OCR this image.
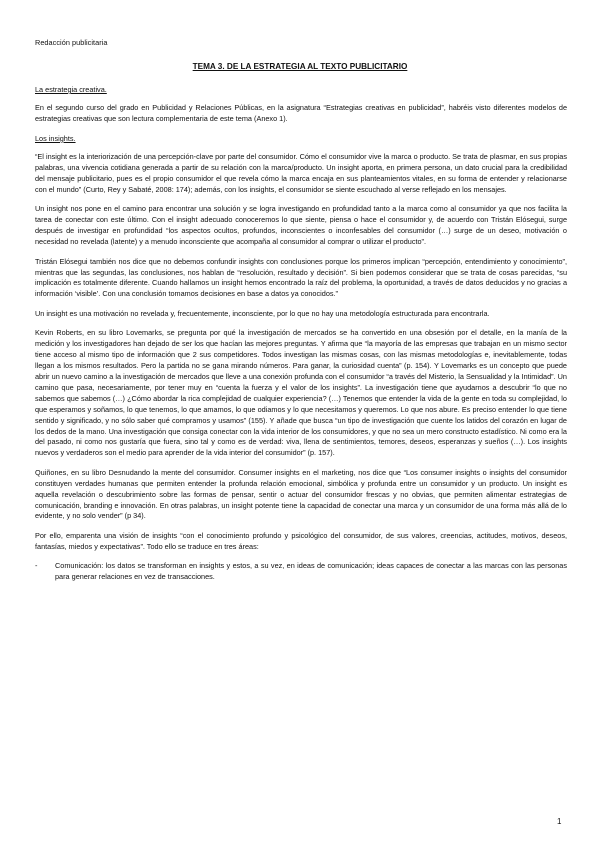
Redacción publicitaria
TEMA 3. DE LA ESTRATEGIA AL TEXTO PUBLICITARIO

La estrategia creativa.

En el segundo curso del grado en Publicidad y Relaciones Públicas, en la asignatura “Estrategias creativas en publicidad”, habréis visto diferentes modelos de estrategias creativas que son lectura complementaria de este tema (Anexo 1).

Los insights.

“El insight es la interiorización de una percepción-clave por parte del consumidor. Cómo el consumidor vive la marca o producto. Se trata de plasmar, en sus propias palabras, una vivencia cotidiana generada a partir de su relación con la marca/producto. Un insight aporta, en primera persona, un dato crucial para la credibilidad del mensaje publicitario, pues es el propio consumidor el que revela cómo la marca encaja en sus planteamientos vitales, en su forma de entender y relacionarse con el mundo” (Curto, Rey y Sabaté, 2008: 174); además, con los insights, el consumidor se siente escuchado al verse reflejado en los mensajes.

Un insight nos pone en el camino para encontrar una solución y se logra investigando en profundidad tanto a la marca como al consumidor ya que nos facilita la tarea de conectar con este último. Con el insight adecuado conoceremos lo que siente, piensa o hace el consumidor y, de acuerdo con Tristán Elósegui, surge después de investigar en profundidad “los aspectos ocultos, profundos, inconscientes o inconfesables del consumidor (…) surge de un deseo, motivación o necesidad no revelada (latente) y a menudo inconsciente que acompaña al consumidor al comprar o utilizar el producto”.

Tristán Elósegui también nos dice que no debemos confundir insights con conclusiones porque los primeros implican “percepción, entendimiento y conocimiento”, mientras que las segundas, las conclusiones, nos hablan de “resolución, resultado y decisión”. Si bien podemos considerar que se trata de cosas parecidas, “su implicación es totalmente diferente. Cuando hallamos un insight hemos encontrado la raíz del problema, la oportunidad, a través de datos deducidos y no gracias a información ‘visible’. Con una conclusión tomamos decisiones en base a datos ya conocidos.”

Un insight es una motivación no revelada y, frecuentemente, inconsciente, por lo que no hay una metodología estructurada para encontrarla.

Kevin Roberts, en su libro Lovemarks, se pregunta por qué la investigación de mercados se ha convertido en una obsesión por el detalle, en la manía de la medición y los investigadores han dejado de ser los que hacían las mejores preguntas. Y afirma que “la mayoría de las empresas que trabajan en un mismo sector tiene acceso al mismo tipo de información que 2 sus competidores. Todos investigan las mismas cosas, con las mismas metodologías e, inevitablemente, todas llegan a los mismos resultados. Pero la partida no se gana mirando números. Para ganar, la curiosidad cuenta” (p. 154). Y Lovemarks es un concepto que puede abrir un nuevo camino a la investigación de mercados que lleve a una conexión profunda con el consumidor “a través del Misterio, la Sensualidad y la Intimidad”. Un camino que pasa, necesariamente, por tener muy en “cuenta la fuerza y el valor de los insights”. La investigación tiene que ayudarnos a descubrir “lo que no sabemos que sabemos (…) ¿Cómo abordar la rica complejidad de cualquier experiencia? (…) Tenemos que entender la vida de la gente en toda su complejidad, lo que esperamos y soñamos, lo que tenemos, lo que amamos, lo que odiamos y lo que necesitamos y queremos. Lo que nos abure. Es preciso entender lo que tiene sentido y significado, y no sólo saber qué compramos y usamos” (155). Y añade que busca “un tipo de investigación que cuente los latidos del corazón en lugar de los dedos de la mano. Una investigación que consiga conectar con la vida interior de los consumidores, y que no sea un mero constructo estadístico. Ni como era la del pasado, ni como nos gustaría que fuera, sino tal y como es de verdad: viva, llena de sentimientos, temores, deseos, esperanzas y sueños (…). Los insights nuevos y verdaderos son el medio para aprender de la vida interior del consumidor” (p. 157).

Quiñones, en su libro Desnudando la mente del consumidor. Consumer insights en el marketing, nos dice que “Los consumer insights o insights del consumidor constituyen verdades humanas que permiten entender la profunda relación emocional, simbólica y profunda entre un consumidor y un producto. Un insight es aquella revelación o descubrimiento sobre las formas de pensar, sentir o actuar del consumidor frescas y no obvias, que permiten alimentar estrategias de comunicación, branding e innovación. En otras palabras, un insight potente tiene la capacidad de conectar una marca y un consumidor de una forma más allá de lo evidente, y no solo vender” (p 34).

Por ello, emparenta una visión de insights “con el conocimiento profundo y psicológico del consumidor, de sus valores, creencias, actitudes, motivos, deseos, fantasías, miedos y expectativas”. Todo ello se traduce en tres áreas:

-	Comunicación: los datos se transforman en insights y estos, a su vez, en ideas de comunicación; ideas capaces de conectar a las marcas con las personas para generar relaciones en vez de transacciones.
1
